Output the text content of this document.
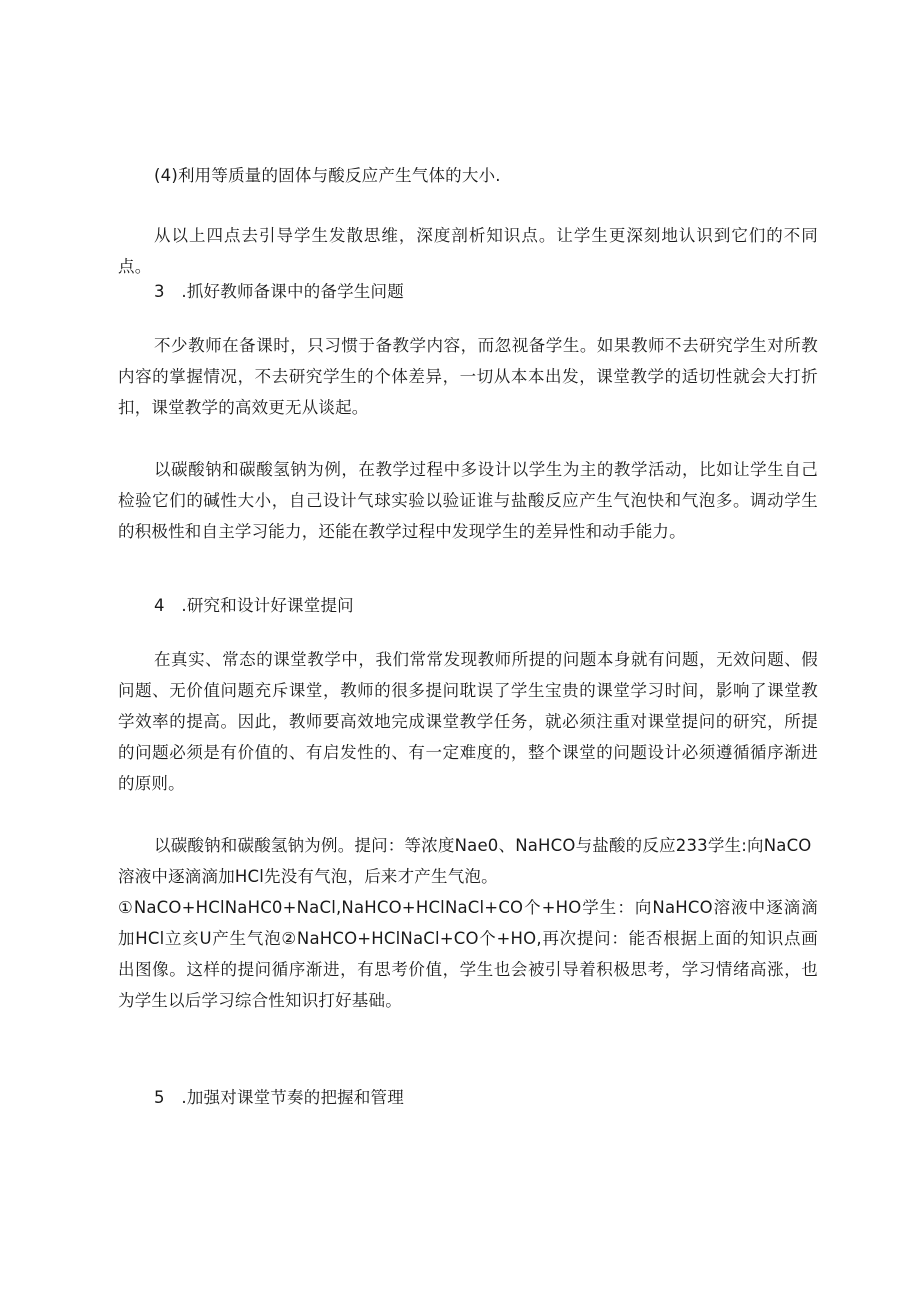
(4)利用等质量的固体与酸反应产生气体的大小.

从以上四点去引导学生发散思维，深度剖析知识点。让学生更深刻地认识到它们的不同点。

3　.抓好教师备课中的备学生问题

不少教师在备课时，只习惯于备教学内容，而忽视备学生。如果教师不去研究学生对所教内容的掌握情况，不去研究学生的个体差异，一切从本本出发，课堂教学的适切性就会大打折扣，课堂教学的高效更无从谈起。

以碳酸钠和碳酸氢钠为例，在教学过程中多设计以学生为主的教学活动，比如让学生自己检验它们的碱性大小，自己设计气球实验以验证谁与盐酸反应产生气泡快和气泡多。调动学生的积极性和自主学习能力，还能在教学过程中发现学生的差异性和动手能力。

4　.研究和设计好课堂提问

在真实、常态的课堂教学中，我们常常发现教师所提的问题本身就有问题，无效问题、假问题、无价值问题充斥课堂，教师的很多提问耽误了学生宝贵的课堂学习时间，影响了课堂教学效率的提高。因此，教师要高效地完成课堂教学任务，就必须注重对课堂提问的研究，所提的问题必须是有价值的、有启发性的、有一定难度的，整个课堂的问题设计必须遵循循序渐进的原则。

以碳酸钠和碳酸氢钠为例。提问：等浓度Nae0、NaHCO与盐酸的反应233学生:向NaCO
溶液中逐滴滴加HCl先没有气泡，后来才产生气泡。
①NaCO+HClNaHC0+NaCl,NaHCO+HClNaCl+CO个+HO学生：向NaHCO溶液中逐滴滴加HCl立亥U产生气泡②NaHCO+HClNaCl+CO个+HO,再次提问：能否根据上面的知识点画出图像。这样的提问循序渐进，有思考价值，学生也会被引导着积极思考，学习情绪高涨，也为学生以后学习综合性知识打好基础。

5　.加强对课堂节奏的把握和管理
